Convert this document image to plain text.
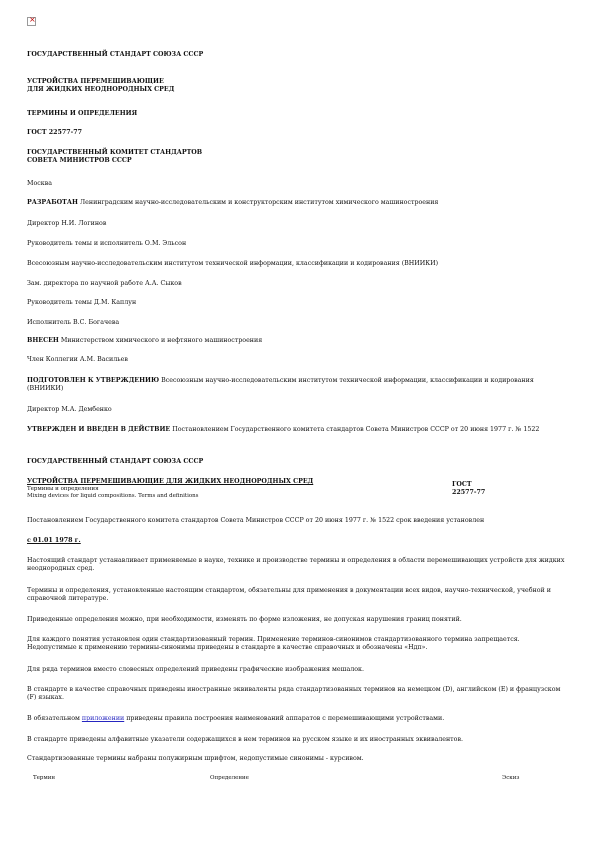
×

ГОСУДАРСТВЕННЫЙ СТАНДАРТ СОЮЗА СССР

УСТРОЙСТВА ПЕРЕМЕШИВАЮЩИЕ
ДЛЯ ЖИДКИХ НЕОДНОРОДНЫХ СРЕД

ТЕРМИНЫ И ОПРЕДЕЛЕНИЯ

ГОСТ 22577-77

ГОСУДАРСТВЕННЫЙ КОМИТЕТ СТАНДАРТОВ
СОВЕТА МИНИСТРОВ СССР

Москва

РАЗРАБОТАН Ленинградским научно-исследовательским и конструкторским институтом химического машиностроения

Директор Н.И. Логинов

Руководитель темы и исполнитель О.М. Эльсон

Всесоюзным научно-исследовательским институтом технической информации, классификации и кодирования (ВНИИКИ)

Зам. директора по научной работе А.А. Сыков

Руководитель темы Д.М. Каплун

Исполнитель В.С. Богачева

ВНЕСЕН Министерством химического и нефтяного машиностроения

Член Коллегии А.М. Васильев

ПОДГОТОВЛЕН К УТВЕРЖДЕНИЮ Всесоюзным научно-исследовательским институтом технической информации, классификации и кодирования (ВНИИКИ)

Директор М.А. Дембенко

УТВЕРЖДЕН И ВВЕДЕН В ДЕЙСТВИЕ Постановлением Государственного комитета стандартов Совета Министров СССР от 20 июня 1977 г. № 1522

ГОСУДАРСТВЕННЫЙ СТАНДАРТ СОЮЗА СССР

УСТРОЙСТВА ПЕРЕМЕШИВАЮЩИЕ ДЛЯ ЖИДКИХ НЕОДНОРОДНЫХ СРЕД
Термины и определения
Mixing devices for liquid compositions. Terms and definitions
ГОСТ
22577-77

Постановлением Государственного комитета стандартов Совета Министров СССР от 20 июня 1977 г. № 1522 срок введения установлен

с 01.01 1978 г.

Настоящий стандарт устанавливает применяемые в науке, технике и производстве термины и определения в области перемешивающих устройств для жидких неоднородных сред.

Термины и определения, установленные настоящим стандартом, обязательны для применения в документации всех видов, научно-технической, учебной и справочной литературе.

Приведенные определения можно, при необходимости, изменять по форме изложения, не допуская нарушения границ понятий.

Для каждого понятия установлен один стандартизованный термин. Применение терминов-синонимов стандартизованного термина запрещается. Недопустимые к применению термины-синонимы приведены в стандарте в качестве справочных и обозначены «Ндп».

Для ряда терминов вместо словесных определений приведены графические изображения мешалок.

В стандарте в качестве справочных приведены иностранные эквиваленты ряда стандартизованных терминов на немецком (D), английском (E) и французском (F) языках.

В обязательном приложении приведены правила построения наименований аппаратов с перемешивающими устройствами.

В стандарте приведены алфавитные указатели содержащихся в нем терминов на русском языке и их иностранных эквивалентов.

Стандартизованные термины набраны полужирным шрифтом, недопустимые синонимы - курсивом.

Термин	Определение	Эскиз
